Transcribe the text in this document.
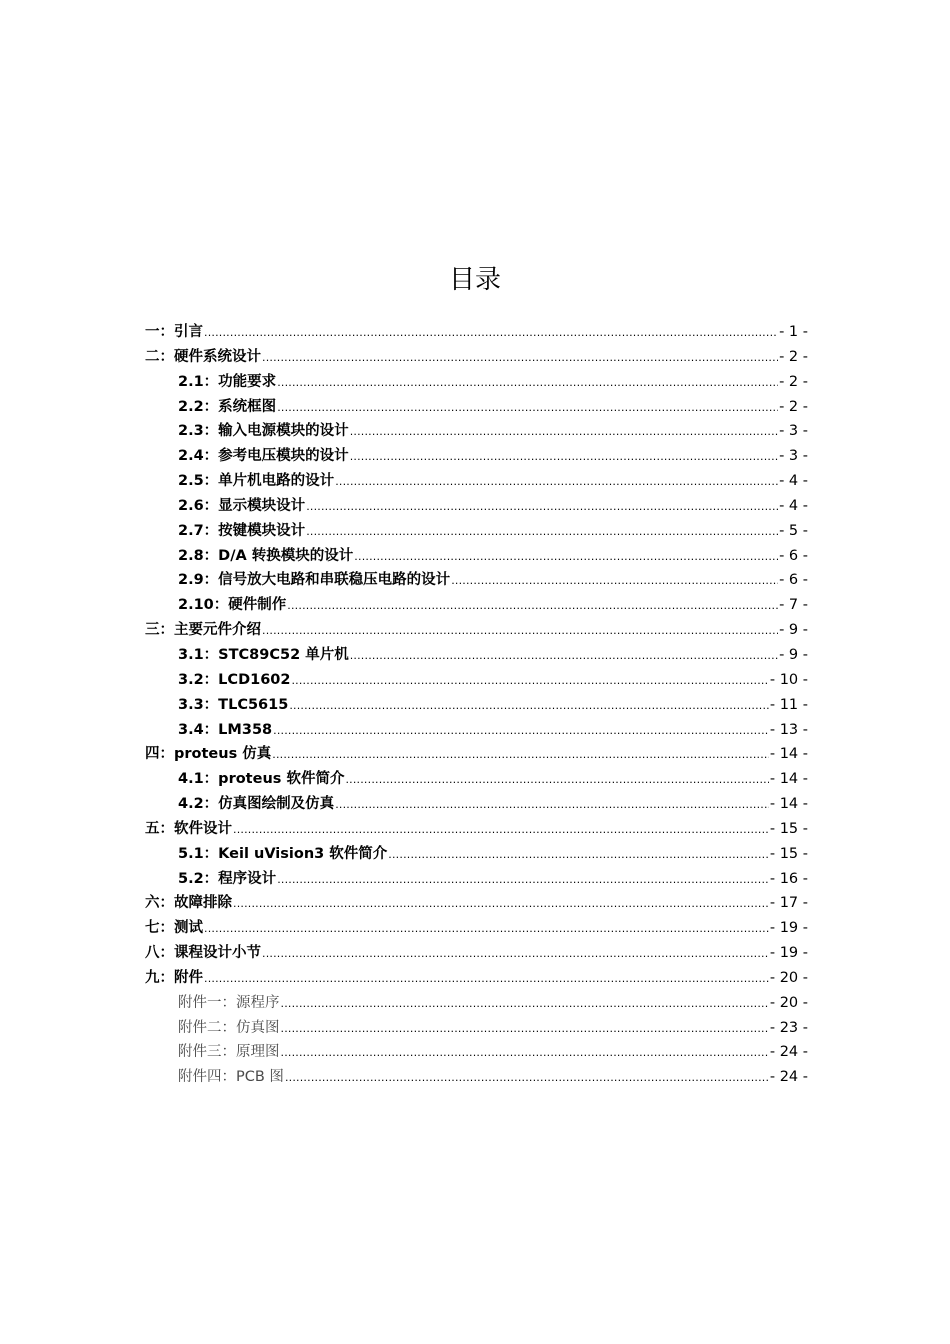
目录
一：引言 .....	- 1 -
二：硬件系统设计 .....	- 2 -
2.1：功能要求 .....	- 2 -
2.2：系统框图 .....	- 2 -
2.3：输入电源模块的设计 .....	- 3 -
2.4：参考电压模块的设计 .....	- 3 -
2.5：单片机电路的设计 .....	- 4 -
2.6：显示模块设计 .....	- 4 -
2.7：按键模块设计 .....	- 5 -
2.8：D/A 转换模块的设计 .....	- 6 -
2.9：信号放大电路和串联稳压电路的设计 .....	- 6 -
2.10：硬件制作 .....	- 7 -
三：主要元件介绍 .....	- 9 -
3.1：STC89C52 单片机 .....	- 9 -
3.2：LCD1602 .....	- 10 -
3.3：TLC5615 .....	- 11 -
3.4：LM358 .....	- 13 -
四：proteus 仿真 .....	- 14 -
4.1：proteus 软件简介 .....	- 14 -
4.2：仿真图绘制及仿真 .....	- 14 -
五：软件设计 .....	- 15 -
5.1：Keil uVision3 软件简介 .....	- 15 -
5.2：程序设计 .....	- 16 -
六：故障排除 .....	- 17 -
七：测试 .....	- 19 -
八：课程设计小节 .....	- 19 -
九：附件 .....	- 20 -
附件一：源程序 .....	- 20 -
附件二：仿真图 .....	- 23 -
附件三：原理图 .....	- 24 -
附件四：PCB 图 .....	- 24 -
